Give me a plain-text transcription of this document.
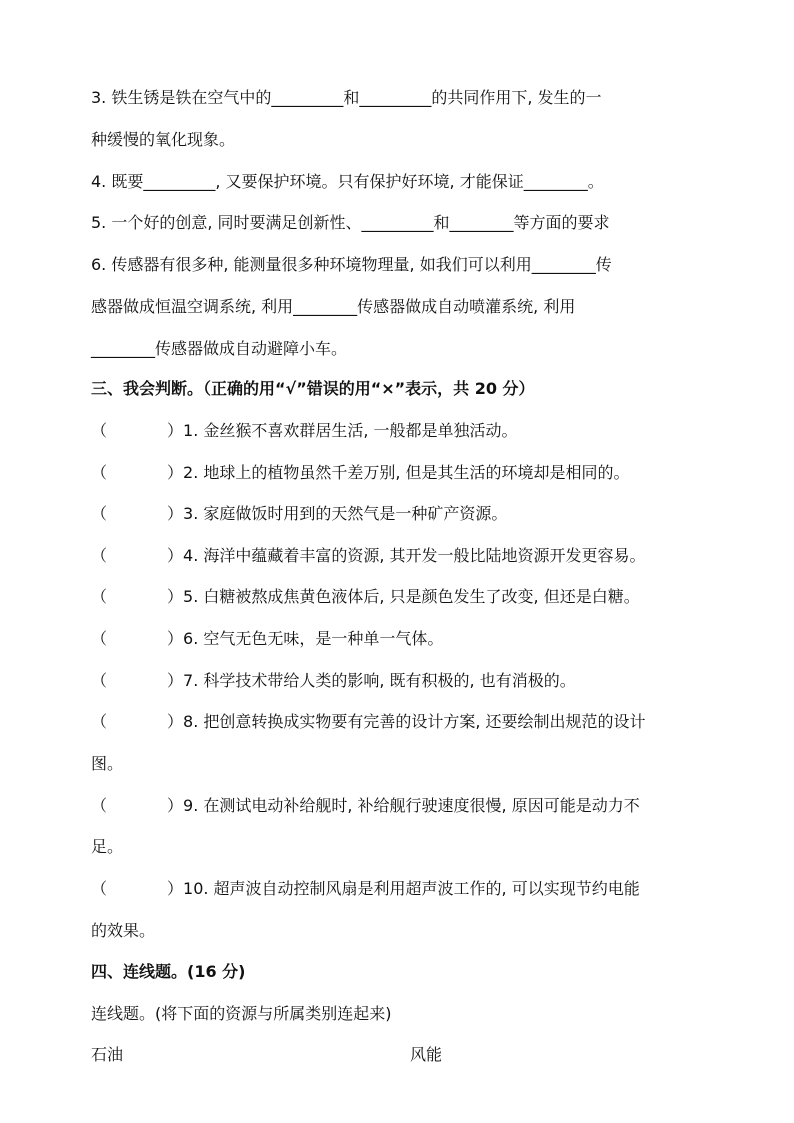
3. 铁生锈是铁在空气中的_________和_________的共同作用下, 发生的一
种缓慢的氧化现象。
4. 既要_________, 又要保护环境。只有保护好环境, 才能保证________。
5. 一个好的创意, 同时要满足创新性、_________和________等方面的要求
6. 传感器有很多种, 能测量很多种环境物理量, 如我们可以利用________传
感器做成恒温空调系统, 利用________传感器做成自动喷灌系统, 利用
________传感器做成自动避障小车。
三、我会判断。（正确的用“√”错误的用“×”表示，共 20 分）
（	）1. 金丝猴不喜欢群居生活, 一般都是单独活动。
（	）2. 地球上的植物虽然千差万别, 但是其生活的环境却是相同的。
（	）3. 家庭做饭时用到的天然气是一种矿产资源。
（	）4. 海洋中蕴藏着丰富的资源, 其开发一般比陆地资源开发更容易。
（	）5. 白糖被熬成焦黄色液体后, 只是颜色发生了改变, 但还是白糖。
（	）6. 空气无色无味，是一种单一气体。
（	）7. 科学技术带给人类的影响, 既有积极的, 也有消极的。
（	）8. 把创意转换成实物要有完善的设计方案, 还要绘制出规范的设计
图。
（	）9. 在测试电动补给舰时, 补给舰行驶速度很慢, 原因可能是动力不
足。
（	）10. 超声波自动控制风扇是利用超声波工作的, 可以实现节约电能
的效果。
四、连线题。(16 分)
连线题。(将下面的资源与所属类别连起来)
石油	风能
